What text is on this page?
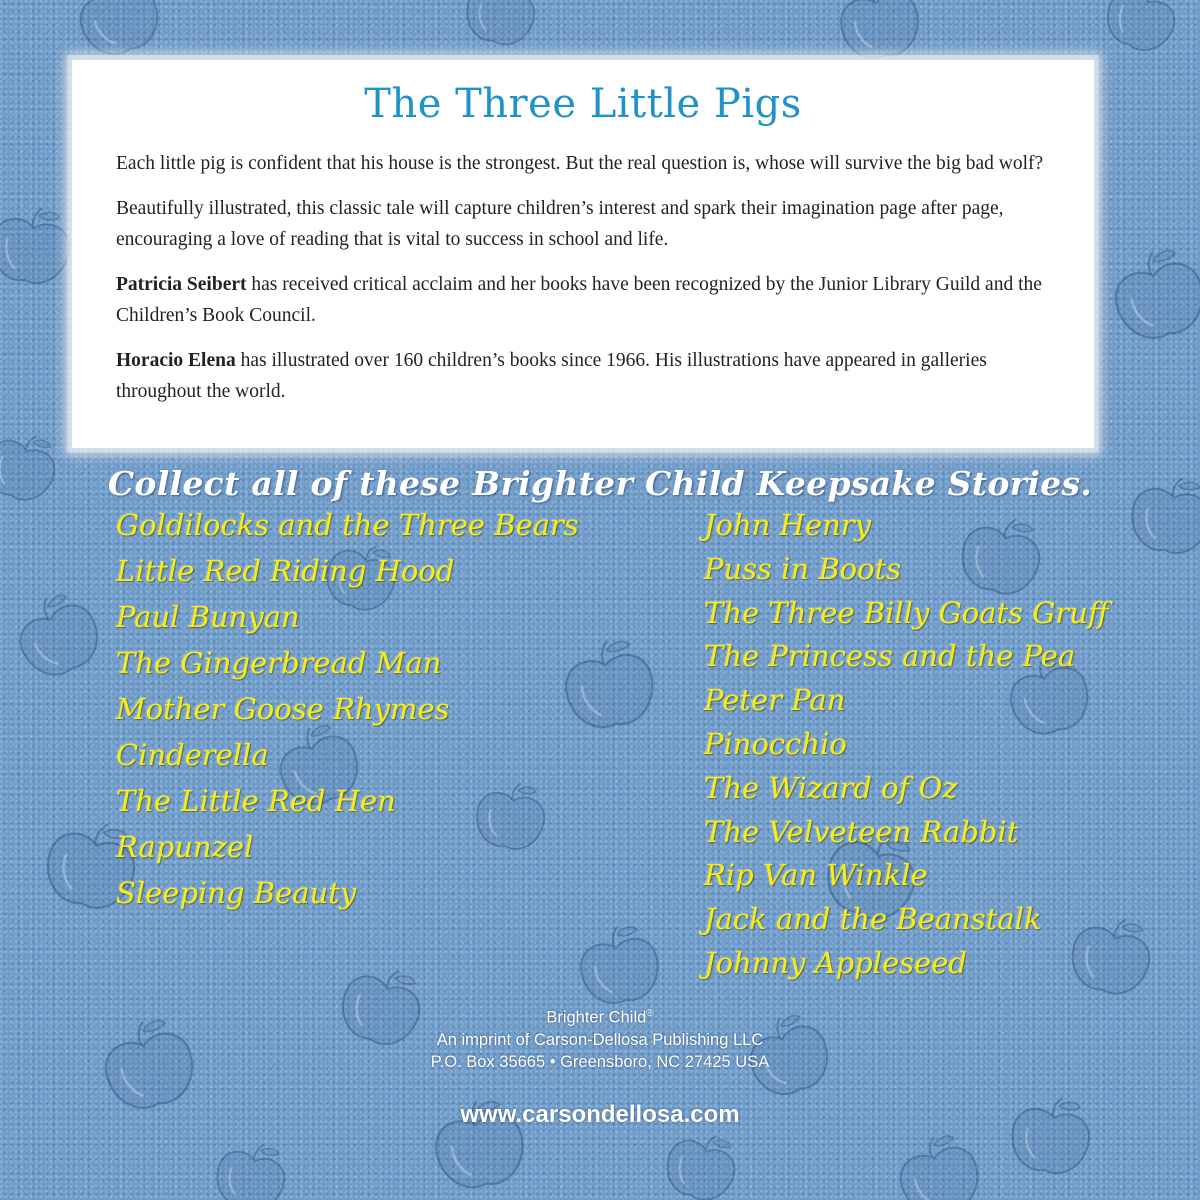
The Three Little Pigs

Each little pig is confident that his house is the strongest. But the real question is, whose will survive the big bad wolf?

Beautifully illustrated, this classic tale will capture children’s interest and spark their imagination page after page, encouraging a love of reading that is vital to success in school and life.

Patricia Seibert has received critical acclaim and her books have been recognized by the Junior Library Guild and the Children’s Book Council.

Horacio Elena has illustrated over 160 children’s books since 1966. His illustrations have appeared in galleries throughout the world.

Collect all of these Brighter Child Keepsake Stories.
Goldilocks and the Three Bears
Little Red Riding Hood
Paul Bunyan
The Gingerbread Man
Mother Goose Rhymes
Cinderella
The Little Red Hen
Rapunzel
Sleeping Beauty
John Henry
Puss in Boots
The Three Billy Goats Gruff
The Princess and the Pea
Peter Pan
Pinocchio
The Wizard of Oz
The Velveteen Rabbit
Rip Van Winkle
Jack and the Beanstalk
Johnny Appleseed
Brighter Child®
An imprint of Carson-Dellosa Publishing LLC
P.O. Box 35665 • Greensboro, NC 27425 USA
www.carsondellosa.com
